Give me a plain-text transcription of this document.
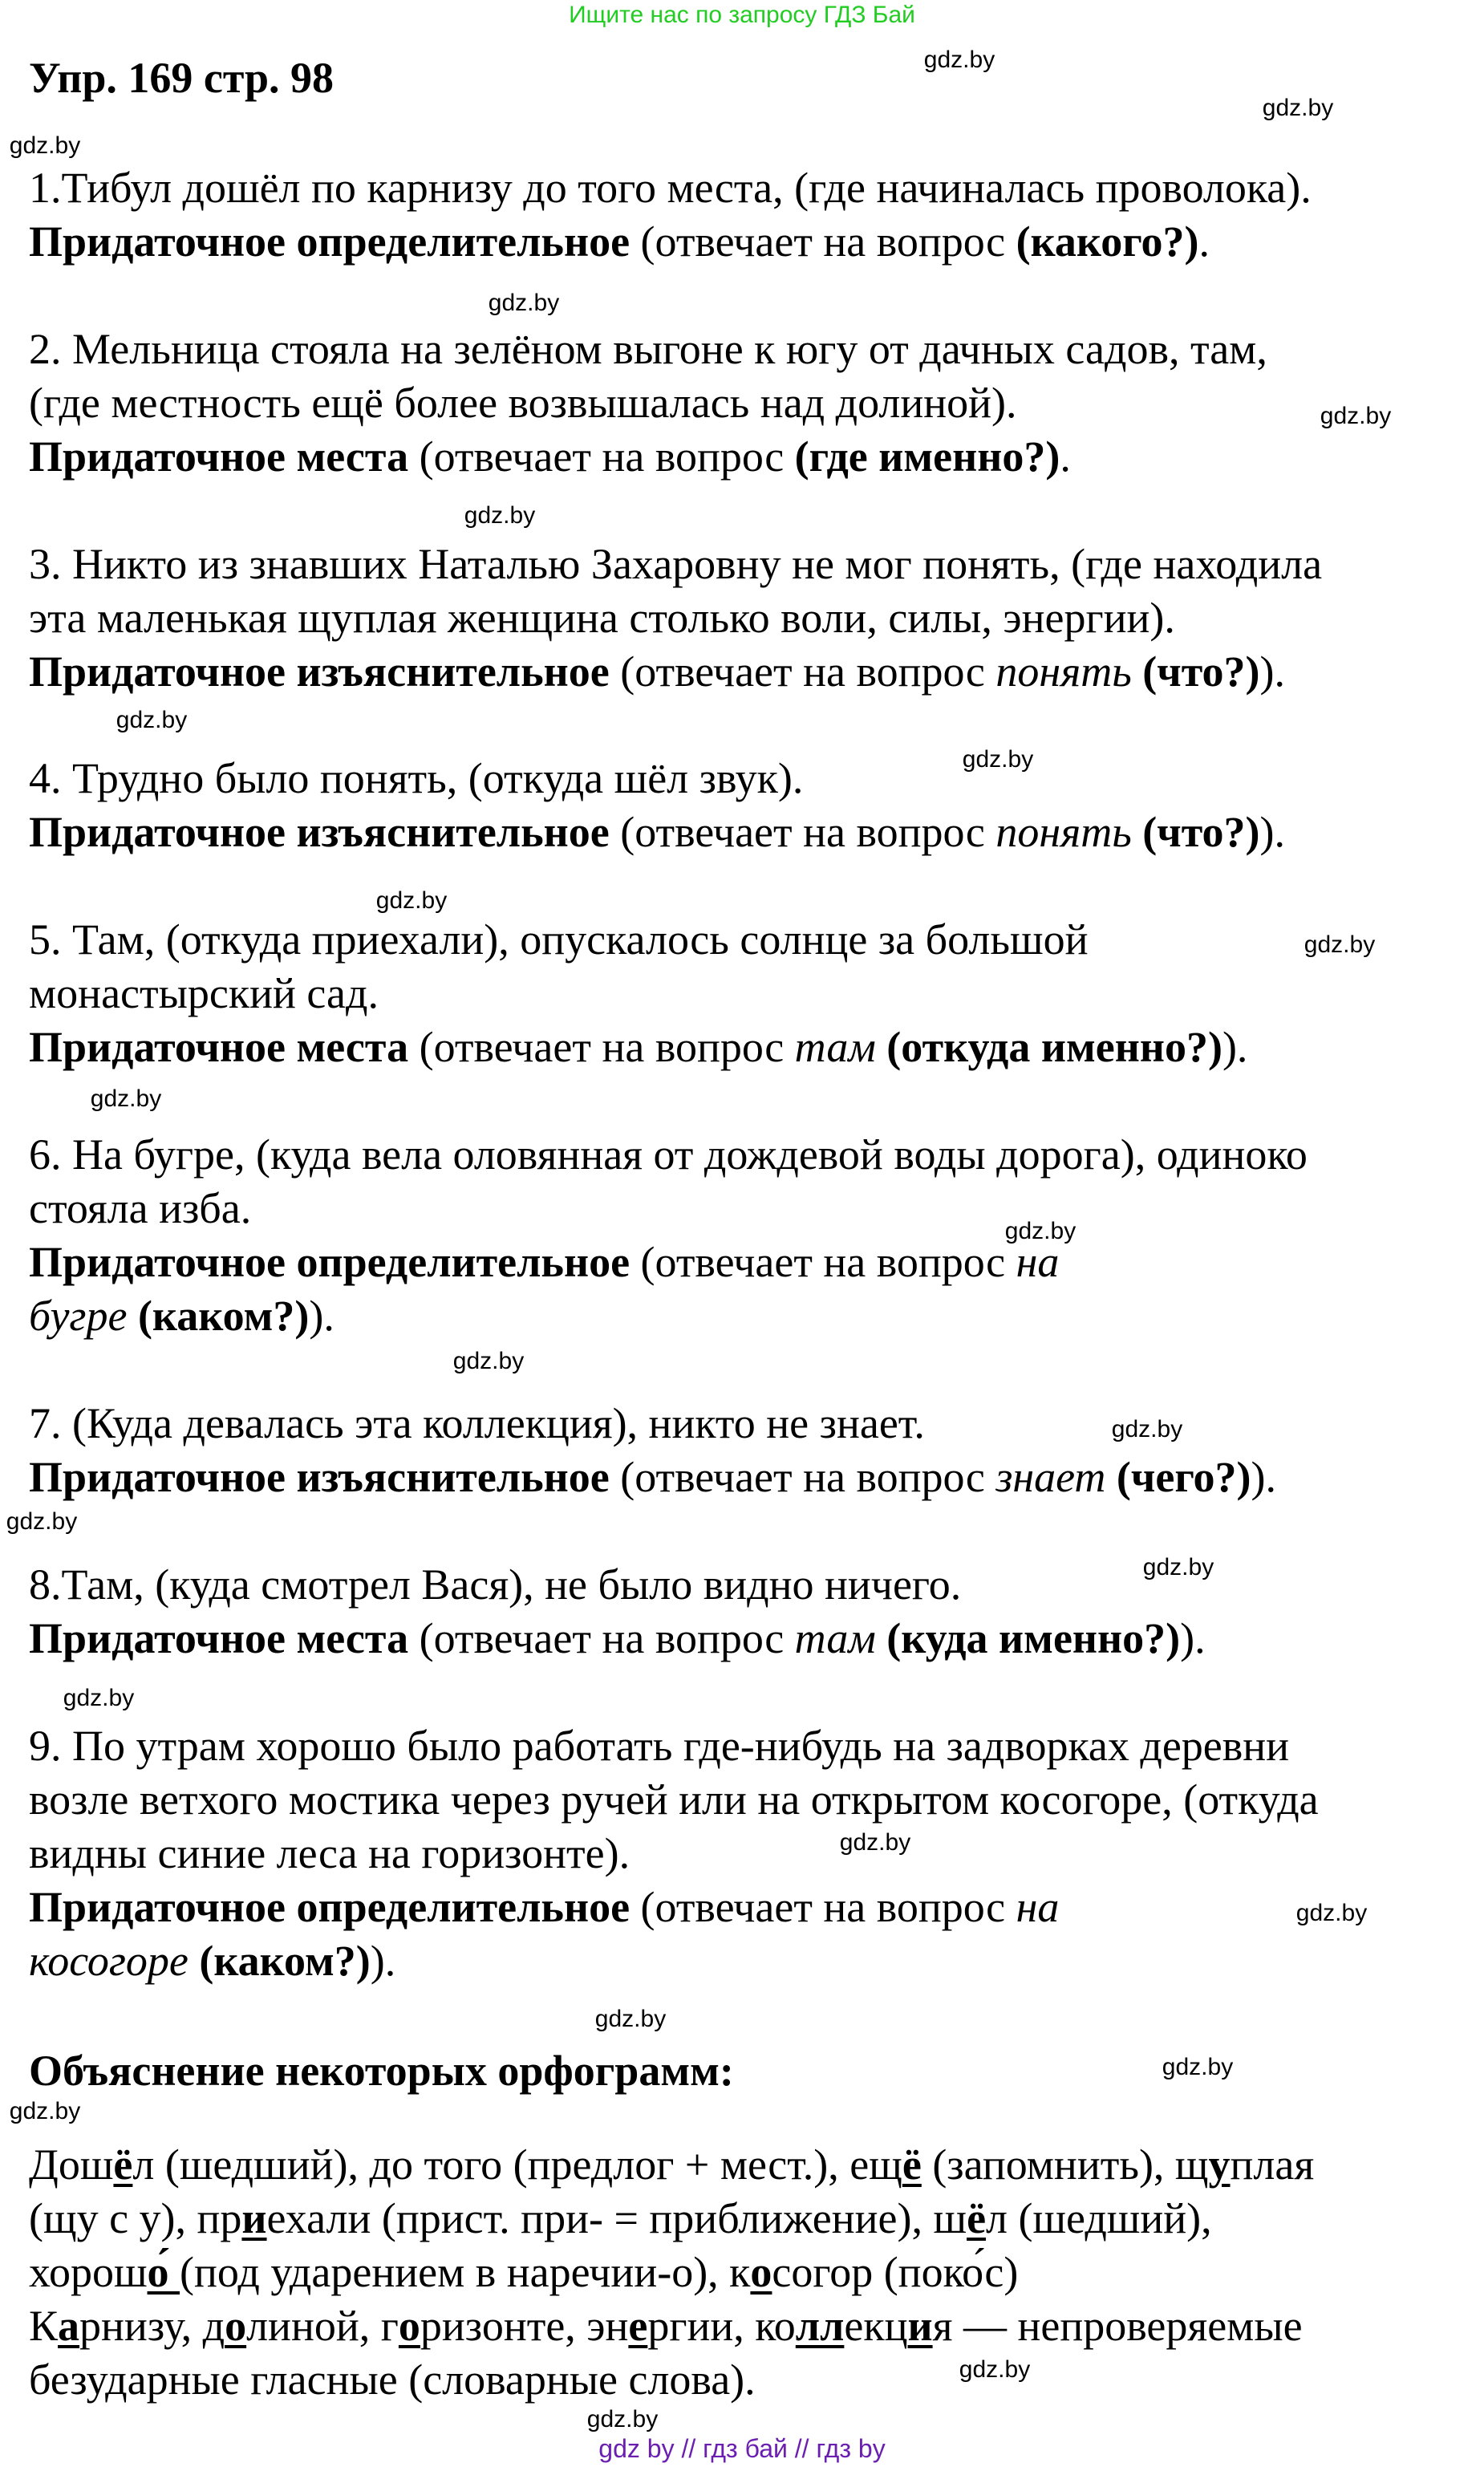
Ищите нас по запросу ГДЗ Бай
Упр. 169 стр. 98
1.Тибул дошёл по карнизу до того места, (где начиналась проволока).
Придаточное определительное (отвечает на вопрос (какого?).
2. Мельница стояла на зелёном выгоне к югу от дачных садов, там,
(где местность ещё более возвышалась над долиной).
Придаточное места (отвечает на вопрос (где именно?).
3. Никто из знавших Наталью Захаровну не мог понять, (где находила
эта маленькая щуплая женщина столько воли, силы, энергии).
Придаточное изъяснительное (отвечает на вопрос понять (что?)).
4. Трудно было понять, (откуда шёл звук).
Придаточное изъяснительное (отвечает на вопрос понять (что?)).
5. Там, (откуда приехали), опускалось солнце за большой
монастырский сад.
Придаточное места (отвечает на вопрос там (откуда именно?)).
6. На бугре, (куда вела оловянная от дождевой воды дорога), одиноко
стояла изба.
Придаточное определительное (отвечает на вопрос на
бугре (каком?)).
7. (Куда девалась эта коллекция), никто не знает.
Придаточное изъяснительное (отвечает на вопрос знает (чего?)).
8.Там, (куда смотрел Вася), не было видно ничего.
Придаточное места (отвечает на вопрос там (куда именно?)).
9. По утрам хорошо было работать где-нибудь на задворках деревни
возле ветхого мостика через ручей или на открытом косогоре, (откуда
видны синие леса на горизонте).
Придаточное определительное (отвечает на вопрос на
косогоре (каком?)).
Объяснение некоторых орфограмм:
Дошёл (шедший), до того (предлог + мест.), ещё (запомнить), щуплая
(щу с у), приехали (прист. при- = приближение), шёл (шедший),
хорошо́ (под ударением в наречии-о), косогор (поко́с)
Карнизу, долиной, горизонте, энергии, коллекция — непроверяемые
безударные гласные (словарные слова).
gdz.by
gdz.by
gdz.by
gdz.by
gdz.by
gdz.by
gdz.by
gdz.by
gdz.by
gdz.by
gdz.by
gdz.by
gdz.by
gdz.by
gdz.by
gdz.by
gdz.by
gdz.by
gdz.by
gdz.by
gdz.by
gdz.by
gdz.by
gdz.by
gdz by // гдз бай // гдз by
